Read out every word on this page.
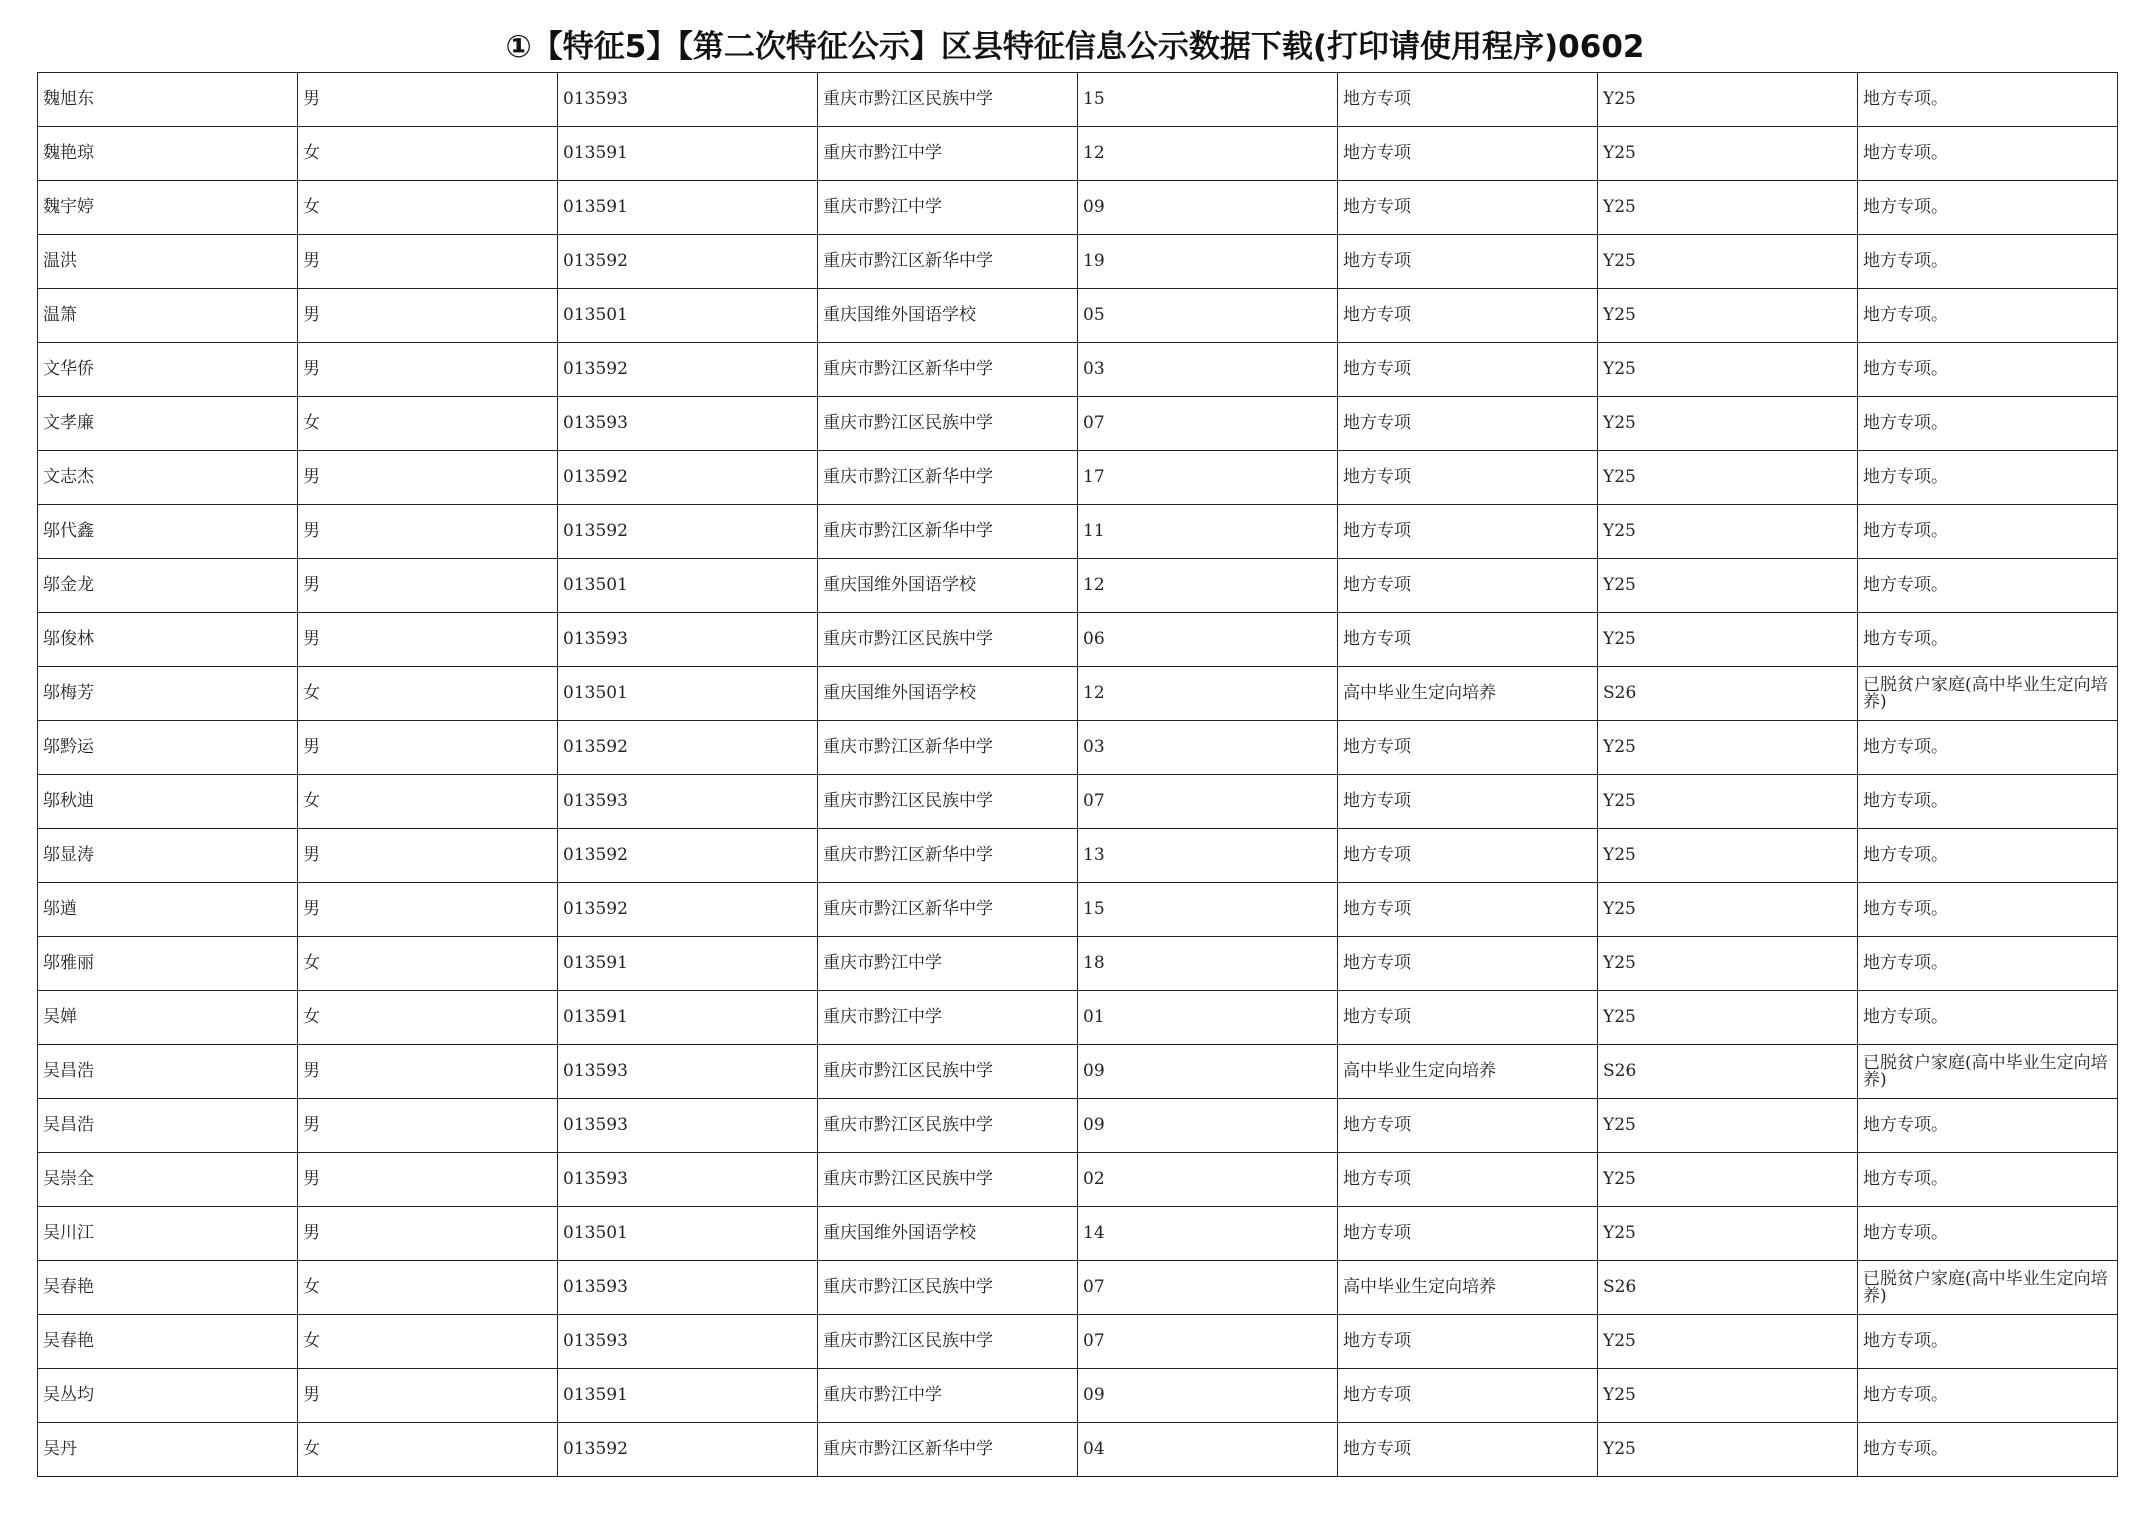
①【特征5】【第二次特征公示】区县特征信息公示数据下载(打印请使用程序)0602
魏旭东	男	013593	重庆市黔江区民族中学	15	地方专项	Y25	地方专项。
魏艳琼	女	013591	重庆市黔江中学	12	地方专项	Y25	地方专项。
魏宇婷	女	013591	重庆市黔江中学	09	地方专项	Y25	地方专项。
温洪	男	013592	重庆市黔江区新华中学	19	地方专项	Y25	地方专项。
温箫	男	013501	重庆国维外国语学校	05	地方专项	Y25	地方专项。
文华侨	男	013592	重庆市黔江区新华中学	03	地方专项	Y25	地方专项。
文孝廉	女	013593	重庆市黔江区民族中学	07	地方专项	Y25	地方专项。
文志杰	男	013592	重庆市黔江区新华中学	17	地方专项	Y25	地方专项。
邬代鑫	男	013592	重庆市黔江区新华中学	11	地方专项	Y25	地方专项。
邬金龙	男	013501	重庆国维外国语学校	12	地方专项	Y25	地方专项。
邬俊林	男	013593	重庆市黔江区民族中学	06	地方专项	Y25	地方专项。
邬梅芳	女	013501	重庆国维外国语学校	12	高中毕业生定向培养	S26	已脱贫户家庭(高中毕业生定向培养)
邬黔运	男	013592	重庆市黔江区新华中学	03	地方专项	Y25	地方专项。
邬秋迪	女	013593	重庆市黔江区民族中学	07	地方专项	Y25	地方专项。
邬显涛	男	013592	重庆市黔江区新华中学	13	地方专项	Y25	地方专项。
邬遒	男	013592	重庆市黔江区新华中学	15	地方专项	Y25	地方专项。
邬雅丽	女	013591	重庆市黔江中学	18	地方专项	Y25	地方专项。
吴婵	女	013591	重庆市黔江中学	01	地方专项	Y25	地方专项。
吴昌浩	男	013593	重庆市黔江区民族中学	09	高中毕业生定向培养	S26	已脱贫户家庭(高中毕业生定向培养)
吴昌浩	男	013593	重庆市黔江区民族中学	09	地方专项	Y25	地方专项。
吴崇全	男	013593	重庆市黔江区民族中学	02	地方专项	Y25	地方专项。
吴川江	男	013501	重庆国维外国语学校	14	地方专项	Y25	地方专项。
吴春艳	女	013593	重庆市黔江区民族中学	07	高中毕业生定向培养	S26	已脱贫户家庭(高中毕业生定向培养)
吴春艳	女	013593	重庆市黔江区民族中学	07	地方专项	Y25	地方专项。
吴丛均	男	013591	重庆市黔江中学	09	地方专项	Y25	地方专项。
吴丹	女	013592	重庆市黔江区新华中学	04	地方专项	Y25	地方专项。
